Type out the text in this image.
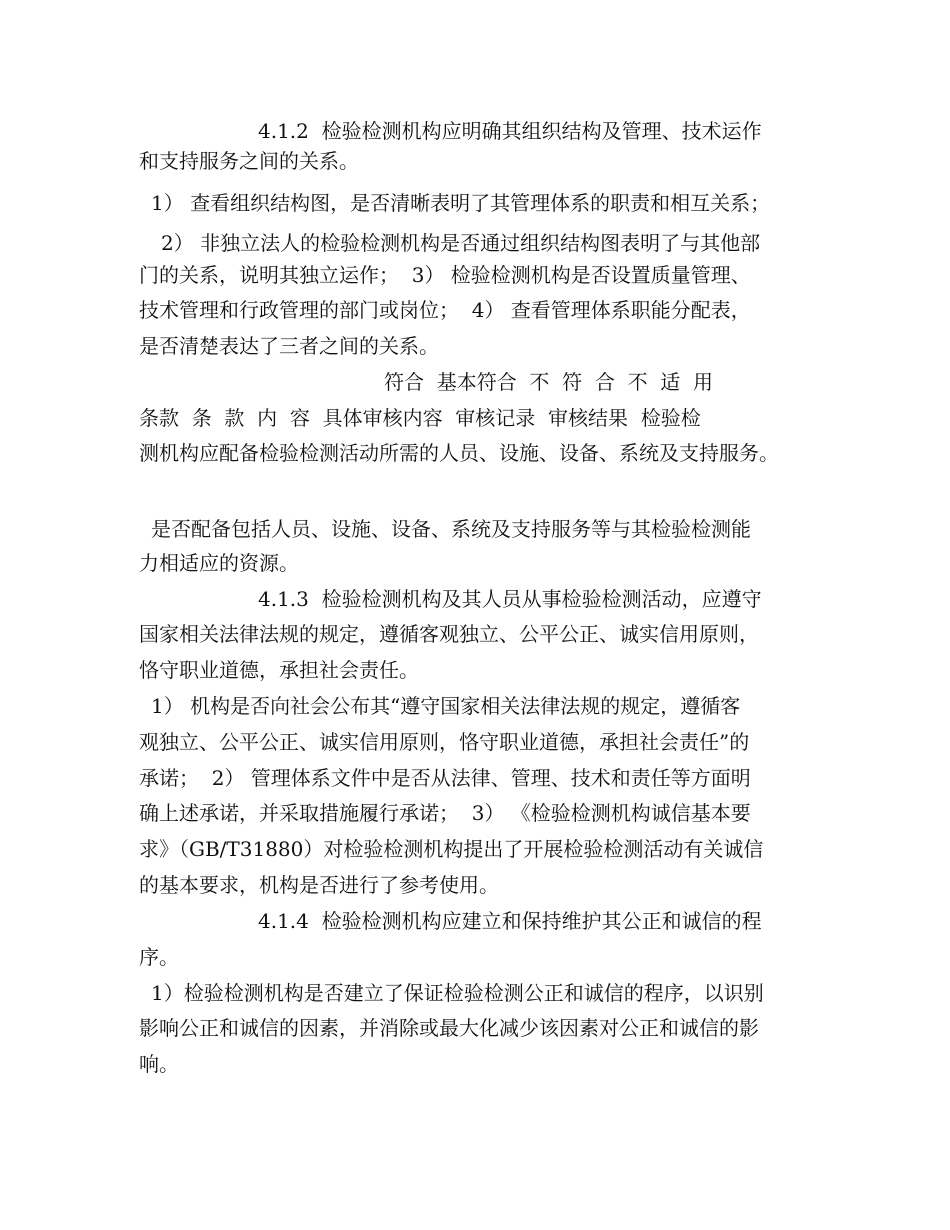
4.1.2  检验检测机构应明确其组织结构及管理、技术运作
和支持服务之间的关系。
1） 查看组织结构图，是否清晰表明了其管理体系的职责和相互关系；
2） 非独立法人的检验检测机构是否通过组织结构图表明了与其他部
门的关系，说明其独立运作；  3） 检验检测机构是否设置质量管理、
技术管理和行政管理的部门或岗位；  4） 查看管理体系职能分配表，
是否清楚表达了三者之间的关系。
符合  基本符合  不  符  合  不  适  用
条款  条  款  内  容  具体审核内容  审核记录  审核结果  检验检
测机构应配备检验检测活动所需的人员、设施、设备、系统及支持服务。
是否配备包括人员、设施、设备、系统及支持服务等与其检验检测能
力相适应的资源。
4.1.3  检验检测机构及其人员从事检验检测活动，应遵守
国家相关法律法规的规定，遵循客观独立、公平公正、诚实信用原则，
恪守职业道德，承担社会责任。
1） 机构是否向社会公布其“遵守国家相关法律法规的规定，遵循客
观独立、公平公正、诚实信用原则，恪守职业道德，承担社会责任”的
承诺；  2） 管理体系文件中是否从法律、管理、技术和责任等方面明
确上述承诺，并采取措施履行承诺；  3） 《检验检测机构诚信基本要
求》（GB/T31880）对检验检测机构提出了开展检验检测活动有关诚信
的基本要求，机构是否进行了参考使用。
4.1.4  检验检测机构应建立和保持维护其公正和诚信的程
序。
1）检验检测机构是否建立了保证检验检测公正和诚信的程序，以识别
影响公正和诚信的因素，并消除或最大化减少该因素对公正和诚信的影
响。
